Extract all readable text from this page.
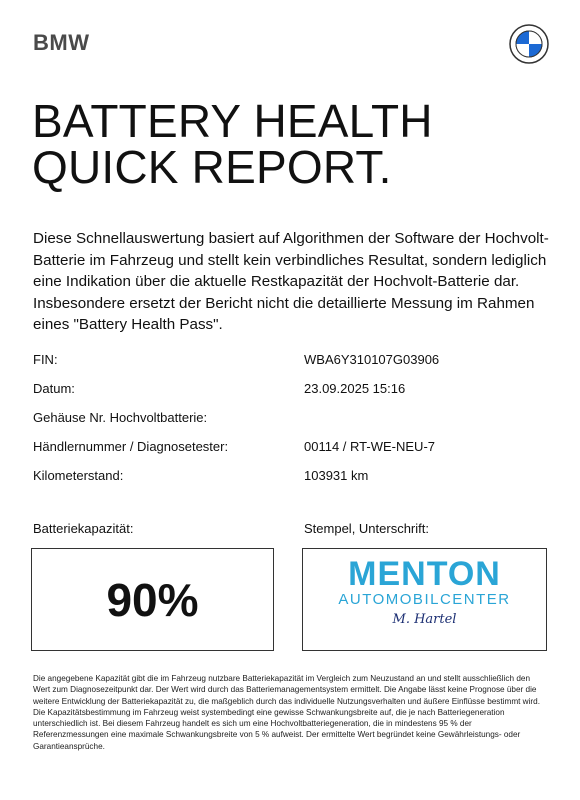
BMW
BATTERY HEALTH
QUICK REPORT.

Diese Schnellauswertung basiert auf Algorithmen der Software der Hochvolt-Batterie im Fahrzeug und stellt kein verbindliches Resultat, sondern lediglich eine Indikation über die aktuelle Restkapazität der Hochvolt-Batterie dar. Insbesondere ersetzt der Bericht nicht die detaillierte Messung im Rahmen eines "Battery Health Pass".

FIN:	WBA6Y310107G03906
Datum:	23.09.2025 15:16
Gehäuse Nr. Hochvoltbatterie:
Händlernummer / Diagnosetester:	00114 / RT-WE-NEU-7
Kilometerstand:	103931 km
Batteriekapazität:	Stempel, Unterschrift:
90%	MENTON
AUTOMOBILCENTER
M. Hartel

Die angegebene Kapazität gibt die im Fahrzeug nutzbare Batteriekapazität im Vergleich zum Neuzustand an und stellt ausschließlich den Wert zum Diagnosezeitpunkt dar. Der Wert wird durch das Batteriemanagementsystem ermittelt. Die Angabe lässt keine Prognose über die weitere Entwicklung der Batteriekapazität zu, die maßgeblich durch das individuelle Nutzungsverhalten und äußere Einflüsse bestimmt wird. Die Kapazitätsbestimmung im Fahrzeug weist systembedingt eine gewisse Schwankungsbreite auf, die je nach Batteriegeneration unterschiedlich ist. Bei diesem Fahrzeug handelt es sich um eine Hochvoltbatteriegeneration, die in mindestens 95 % der Referenzmessungen eine maximale Schwankungsbreite von 5 % aufweist. Der ermittelte Wert begründet keine Gewährleistungs- oder Garantieansprüche.
